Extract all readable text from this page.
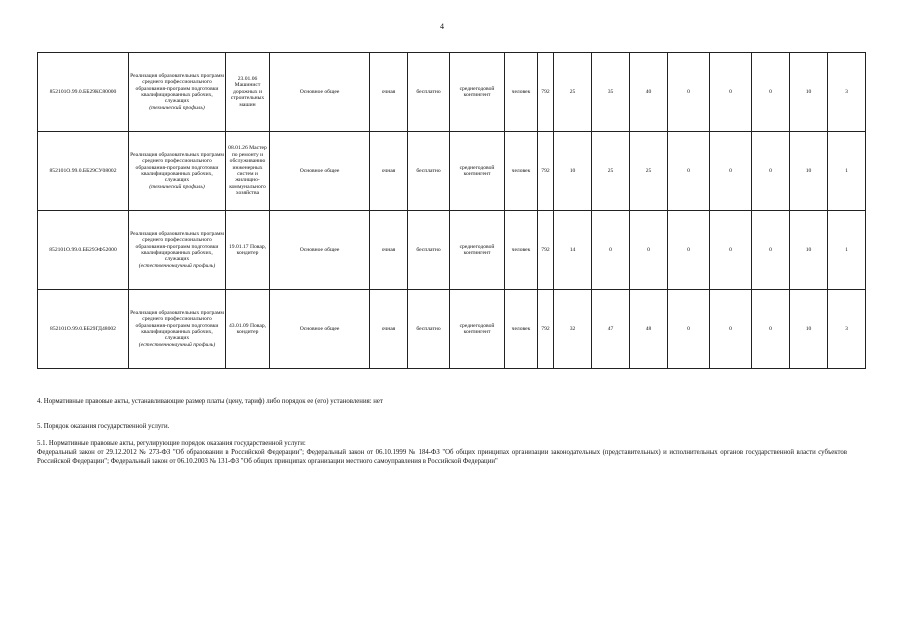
4
852101О.99.0.ББ29КС80000	Реализация образовательных программ среднего профессионального образования-программ подготовки квалифицированных рабочих, служащих
(технический профиль)	23.01.06 Машинист дорожных и строительных машин	Основное общее	очная	бесплатно	среднегодовой контингент	человек	792	25	35	40	0	0	0	10	3
852101О.99.0.ББ29СУ08002	Реализация образовательных программ среднего профессионального образования-программ подготовки квалифицированных рабочих, служащих
(технический профиль)	08.01.26 Мастер по ремонту и обслуживанию инженерных систем и жилищно-коммунального хозяйства	Основное общее	очная	бесплатно	среднегодовой контингент	человек	792	10	25	25	0	0	0	10	1
852101О.99.0.ББ29ЭФ52000	Реализация образовательных программ среднего профессионального образования-программ подготовки квалифицированных рабочих, служащих
(естественнонаучный профиль)	19.01.17 Повар, кондитер	Основное общее	очная	бесплатно	среднегодовой контингент	человек	792	14	0	0	0	0	0	10	1
852101О.99.0.ББ29ГД48002	Реализация образовательных программ среднего профессионального образования-программ подготовки квалифицированных рабочих, служащих
(естественнонаучный профиль)	43.01.09 Повар, кондитер	Основное общее	очная	бесплатно	среднегодовой контингент	человек	792	32	47	48	0	0	0	10	3
4. Нормативные правовые акты, устанавливающие размер платы (цену, тариф) либо порядок ее (его) установления: нет
5. Порядок оказания государственной услуги.
5.1. Нормативные правовые акты, регулирующие порядок оказания государственной услуги:
Федеральный закон от 29.12.2012 № 273-ФЗ "Об образовании в Российской Федерации"; Федеральный закон от 06.10.1999 № 184-ФЗ "Об общих принципах организации законодательных (представительных) и исполнительных органов государственной власти субъектов Российской Федерации"; Федеральный закон от 06.10.2003 № 131-ФЗ "Об общих принципах организации местного самоуправления в Российской Федерации"
